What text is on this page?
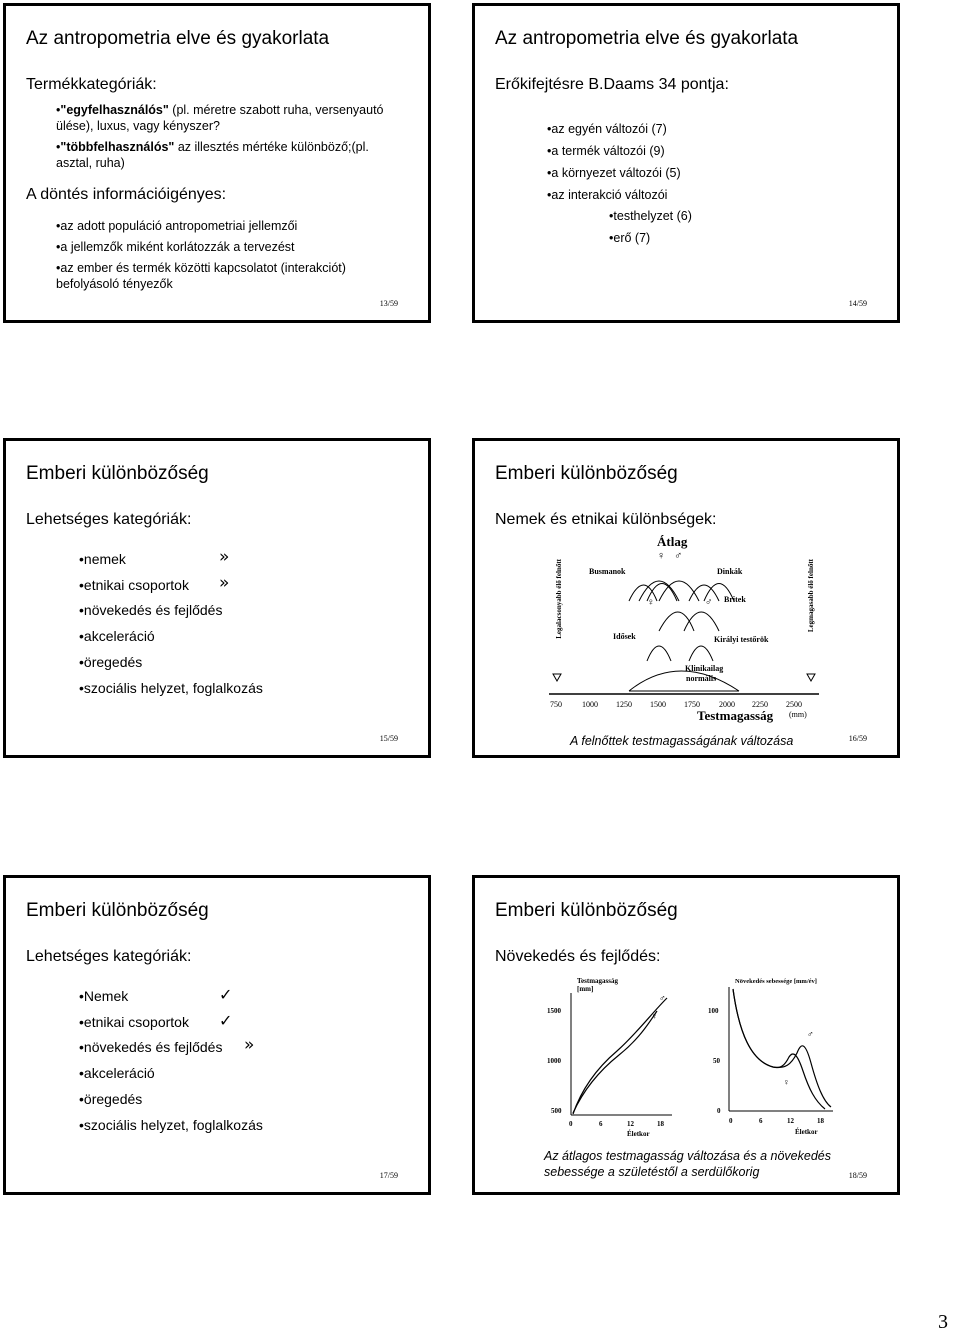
Az antropometria elve és gyakorlata
Termékkategóriák:
•"egyfelhasználós" (pl. méretre szabott ruha, versenyautó
ülése), luxus, vagy kényszer?
•"többfelhasználós" az illesztés mértéke különböző;(pl.
asztal, ruha)
A döntés információigényes:
•az adott populáció antropometriai jellemzői
•a jellemzők miként korlátozzák a tervezést
•az ember és termék közötti kapcsolatot (interakciót)
befolyásoló tényezők
13/59
Az antropometria elve és gyakorlata
Erőkifejtésre B.Daams 34 pontja:
•az egyén változói (7)
•a termék változói (9)
•a környezet változói (5)
•az interakció változói
•testhelyzet (6)
•erő (7)
14/59
Emberi különbözőség
Lehetséges kategóriák:
•nemek	»
•etnikai csoportok »
•növekedés és fejlődés
•akceleráció
•öregedés
•szociális helyzet, foglalkozás
15/59
Emberi különbözőség
Nemek és etnikai különbségek:
Átlag
♀ ♂
Busmanok	Dinkák
♀	♂ Britek
Idősek	Királyi testőrök
Klinikailag
normális
Legalacsonyabb élő felnőtt	Legmagasabb élő felnőtt
750	1000 1250 1500 1750 2000 2250 2500
Testmagasság (mm)
A felnőttek testmagasságának változása	16/59
Emberi különbözőség
Lehetséges kategóriák:
•Nemek	✓
•etnikai csoportok ✓
•növekedés és fejlődés »
•akceleráció
•öregedés
•szociális helyzet, foglalkozás
17/59
Emberi különbözőség
Növekedés és fejlődés:
Testmagasság
[mm]
1500
1000
500
♂
♀
0	6	12	18
Életkor
Növekedés sebessége [mm/év]
100
50
0
♂
♀
0	6	12	18
Életkor
Az átlagos testmagasság változása és a növekedés
sebessége a születéstől a serdülőkorig	18/59
3
